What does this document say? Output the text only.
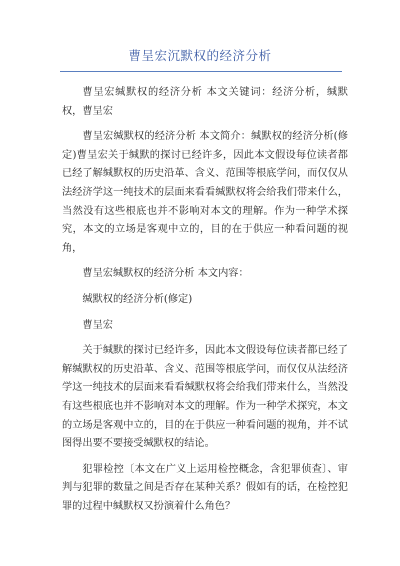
曹呈宏沉默权的经济分析

曹呈宏缄默权的经济分析 本文关键词：经济分析，缄默权，曹呈宏

曹呈宏缄默权的经济分析 本文简介：缄默权的经济分析(修定)曹呈宏关于缄默的探讨已经许多，因此本文假设每位读者都已经了解缄默权的历史沿革、含义、范围等根底学问，而仅仅从法经济学这一纯技术的层面来看看缄默权将会给我们带来什么，当然没有这些根底也并不影响对本文的理解。作为一种学术探究，本文的立场是客观中立的，目的在于供应一种看问题的视角，

曹呈宏缄默权的经济分析 本文内容：

缄默权的经济分析(修定)

曹呈宏

关于缄默的探讨已经许多，因此本文假设每位读者都已经了解缄默权的历史沿革、含义、范围等根底学问，而仅仅从法经济学这一纯技术的层面来看看缄默权将会给我们带来什么，当然没有这些根底也并不影响对本文的理解。作为一种学术探究，本文的立场是客观中立的，目的在于供应一种看问题的视角，并不试图得出要不要接受缄默权的结论。

犯罪检控〔本文在广义上运用检控概念，含犯罪侦查〕、审判与犯罪的数量之间是否存在某种关系？假如有的话，在检控犯罪的过程中缄默权又扮演着什么角色？
